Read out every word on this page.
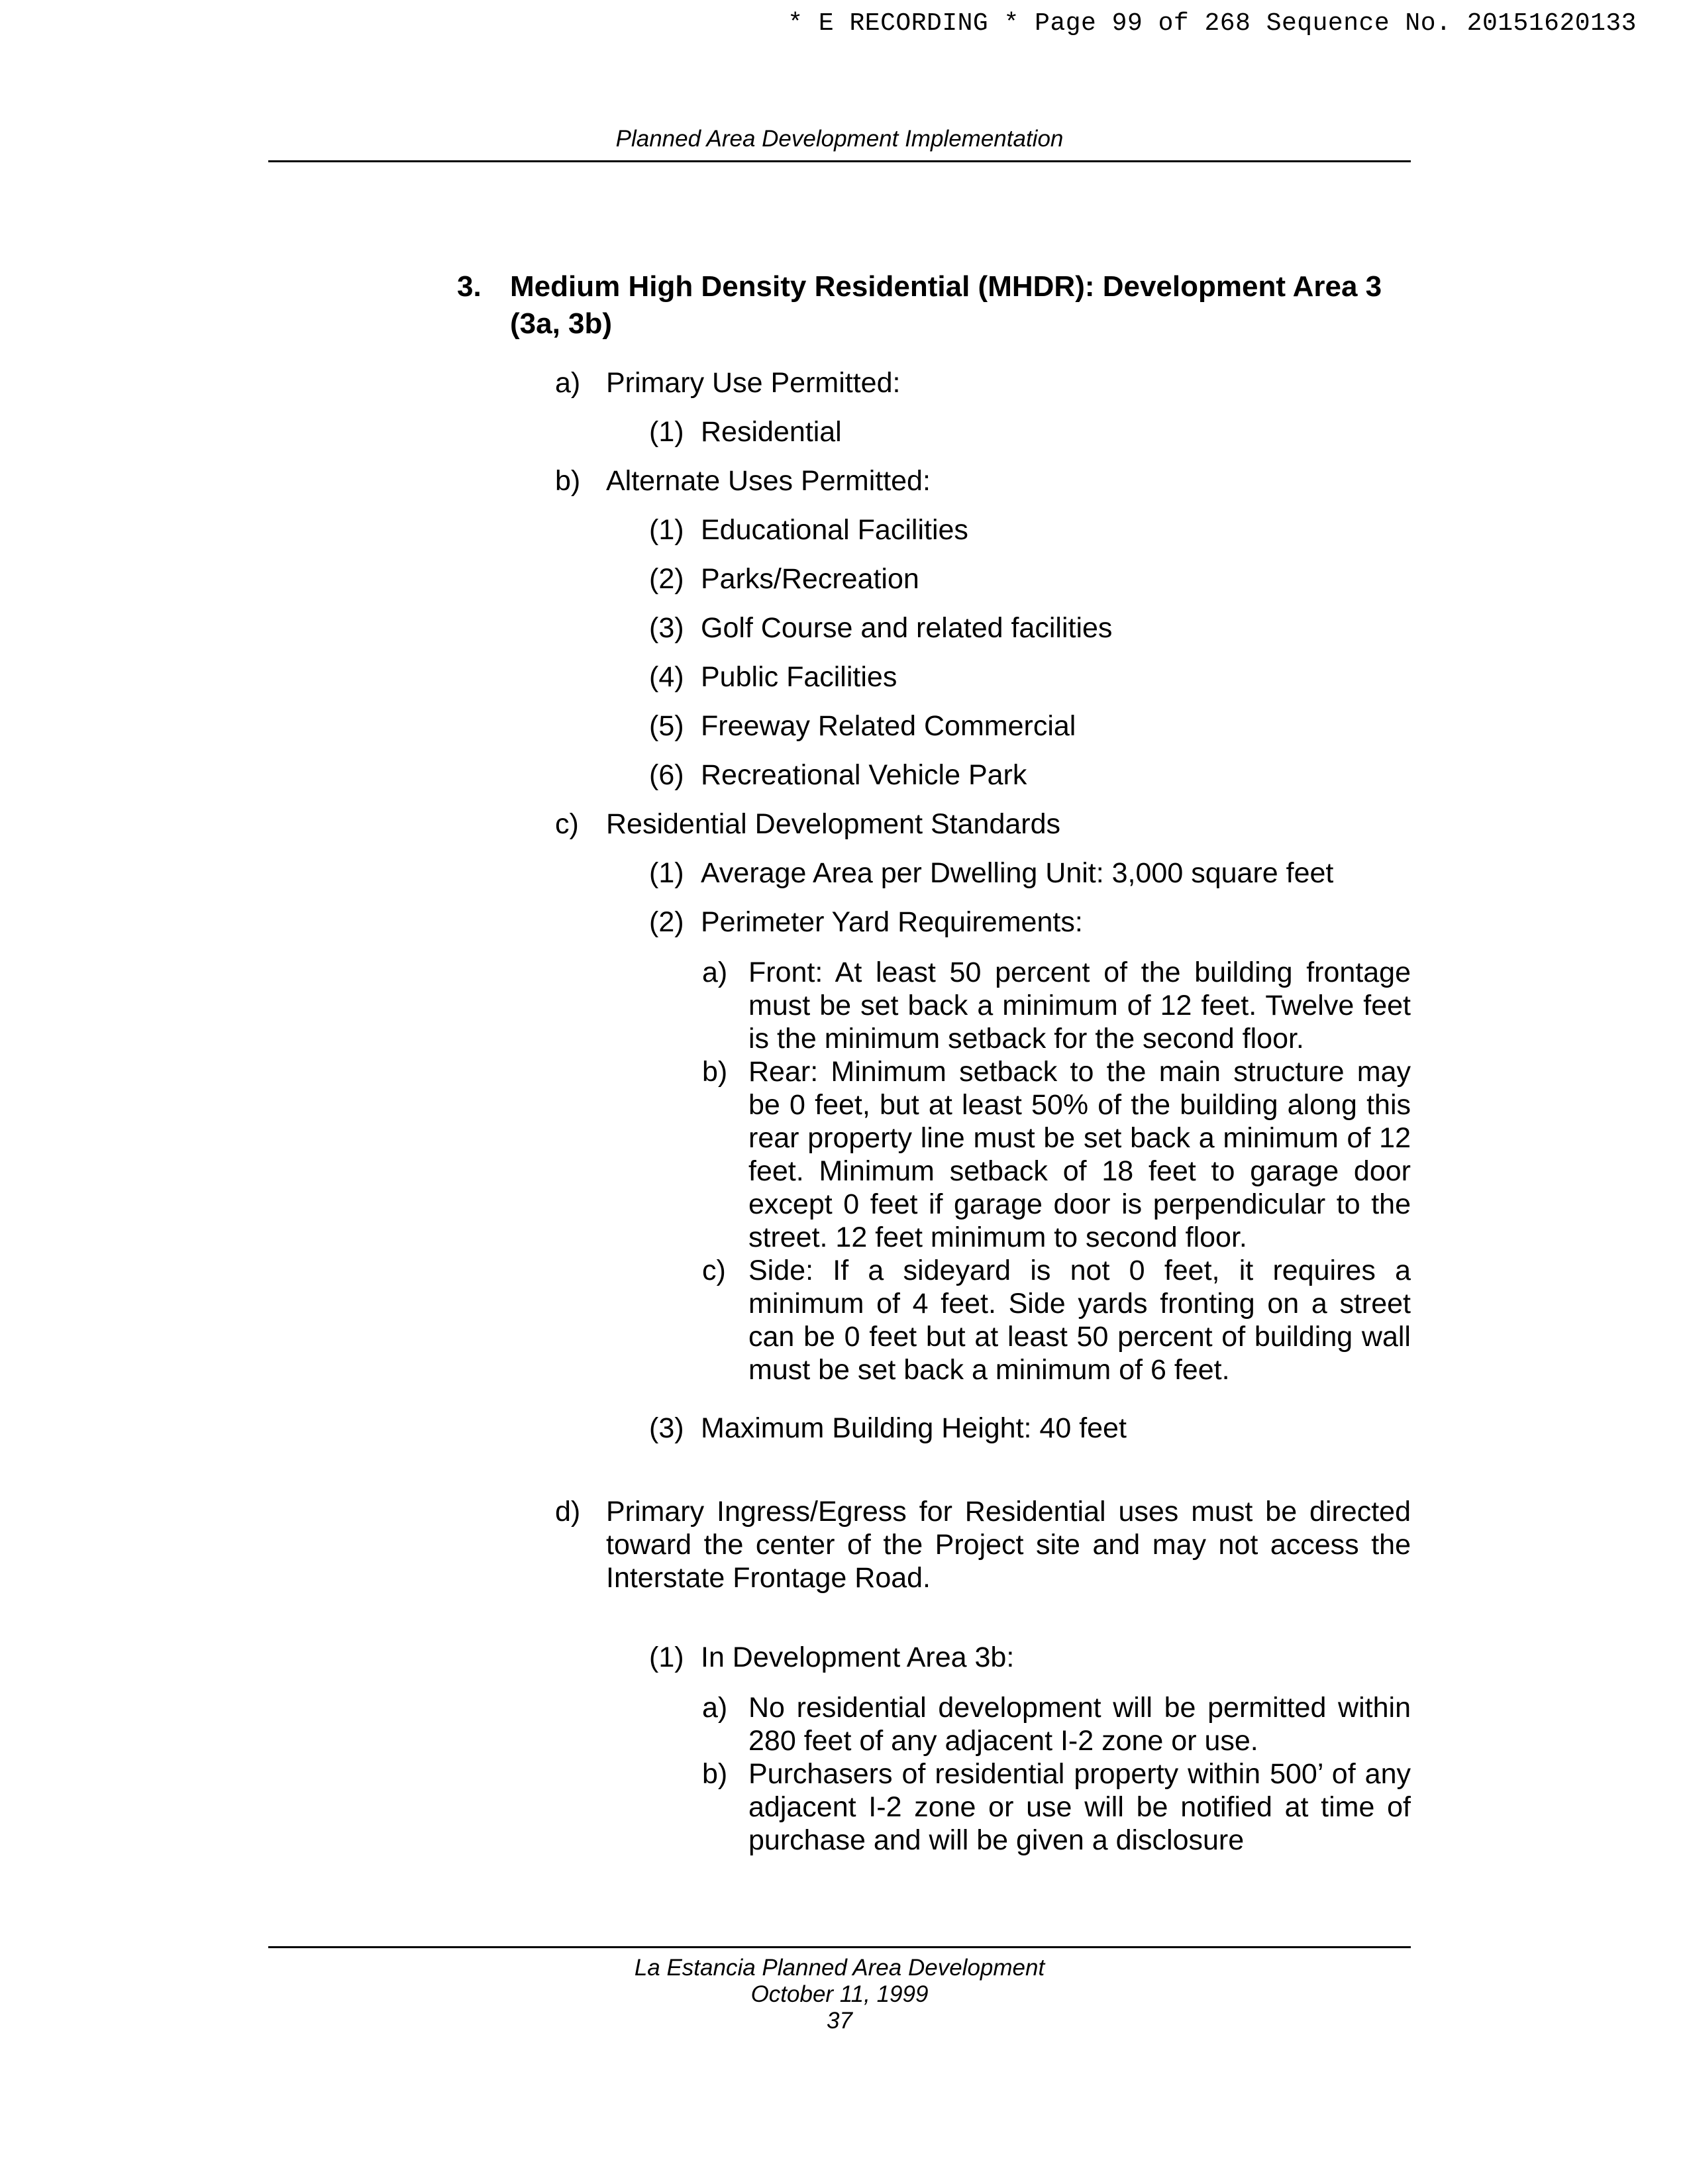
* E RECORDING * Page 99 of 268 Sequence No. 20151620133
Planned Area Development Implementation
3. Medium High Density Residential (MHDR): Development Area 3 (3a, 3b)
a) Primary Use Permitted:
(1) Residential
b) Alternate Uses Permitted:
(1) Educational Facilities
(2) Parks/Recreation
(3) Golf Course and related facilities
(4) Public Facilities
(5) Freeway Related Commercial
(6) Recreational Vehicle Park
c) Residential Development Standards
(1) Average Area per Dwelling Unit: 3,000 square feet
(2) Perimeter Yard Requirements:
a) Front: At least 50 percent of the building frontage must be set back a minimum of 12 feet. Twelve feet is the minimum setback for the second floor.
b) Rear: Minimum setback to the main structure may be 0 feet, but at least 50% of the building along this rear property line must be set back a minimum of 12 feet. Minimum setback of 18 feet to garage door except 0 feet if garage door is perpendicular to the street. 12 feet minimum to second floor.
c) Side: If a sideyard is not 0 feet, it requires a minimum of 4 feet. Side yards fronting on a street can be 0 feet but at least 50 percent of building wall must be set back a minimum of 6 feet.
(3) Maximum Building Height: 40 feet
d) Primary Ingress/Egress for Residential uses must be directed toward the center of the Project site and may not access the Interstate Frontage Road.
(1) In Development Area 3b:
a) No residential development will be permitted within 280 feet of any adjacent I-2 zone or use.
b) Purchasers of residential property within 500’ of any adjacent I-2 zone or use will be notified at time of purchase and will be given a disclosure
La Estancia Planned Area Development
October 11, 1999
37
